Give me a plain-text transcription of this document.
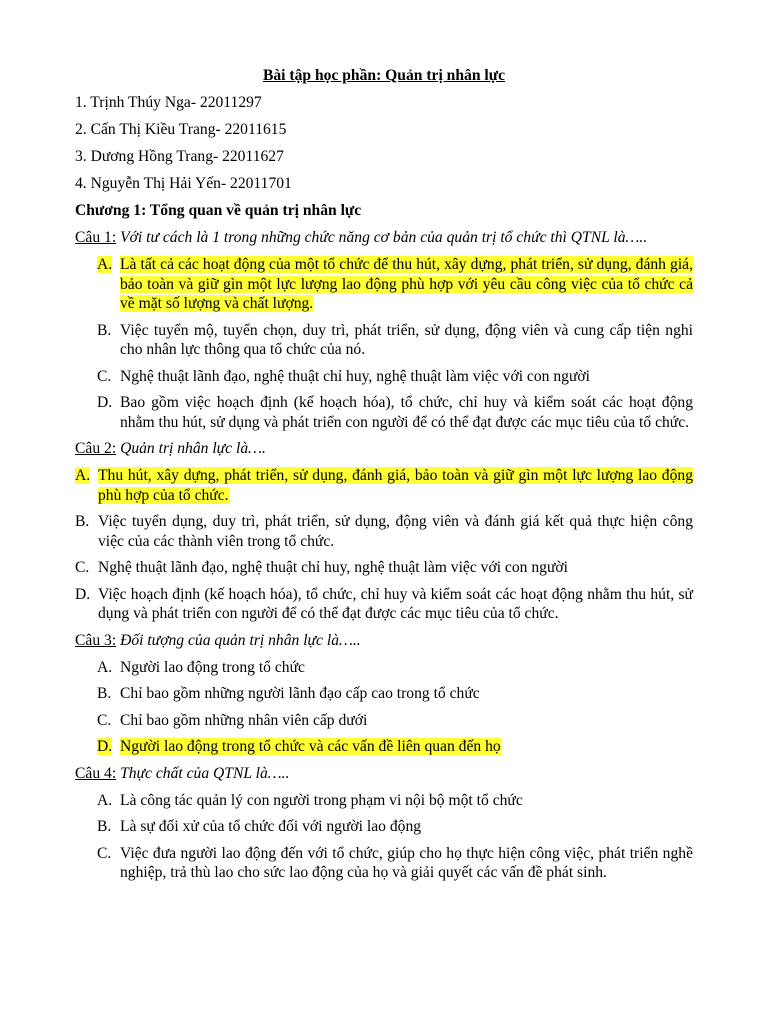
Bài tập học phần: Quản trị nhân lực
1. Trịnh Thúy Nga- 22011297
2. Cấn Thị Kiều Trang- 22011615
3. Dương Hồng Trang- 22011627
4. Nguyễn Thị Hải Yến- 22011701
Chương 1: Tổng quan về quản trị nhân lực
Câu 1: Với tư cách là 1 trong những chức năng cơ bản của quản trị tổ chức thì QTNL là…..
A. Là tất cả các hoạt động của một tổ chức để thu hút, xây dựng, phát triển, sử dụng, đánh giá, bảo toàn và giữ gìn một lực lượng lao động phù hợp với yêu cầu công việc của tổ chức cả về mặt số lượng và chất lượng.
B. Việc tuyển mộ, tuyển chọn, duy trì, phát triển, sử dụng, động viên và cung cấp tiện nghi cho nhân lực thông qua tổ chức của nó.
C. Nghệ thuật lãnh đạo, nghệ thuật chỉ huy, nghệ thuật làm việc với con người
D. Bao gồm việc hoạch định (kế hoạch hóa), tổ chức, chỉ huy và kiểm soát các hoạt động nhằm thu hút, sử dụng và phát triển con người để có thể đạt được các mục tiêu của tổ chức.
Câu 2: Quản trị nhân lực là….
A. Thu hút, xây dựng, phát triển, sử dụng, đánh giá, bảo toàn và giữ gìn một lực lượng lao động phù hợp của tổ chức.
B. Việc tuyển dụng, duy trì, phát triển, sử dụng, động viên và đánh giá kết quả thực hiện công việc của các thành viên trong tổ chức.
C. Nghệ thuật lãnh đạo, nghệ thuật chỉ huy, nghệ thuật làm việc với con người
D. Việc hoạch định (kế hoạch hóa), tổ chức, chỉ huy và kiểm soát các hoạt động nhằm thu hút, sử dụng và phát triển con người để có thể đạt được các mục tiêu của tổ chức.
Câu 3: Đối tượng của quản trị nhân lực là…..
A. Người lao động trong tổ chức
B. Chỉ bao gồm những người lãnh đạo cấp cao trong tổ chức
C. Chỉ bao gồm những nhân viên cấp dưới
D. Người lao động trong tổ chức và các vấn đề liên quan đến họ
Câu 4: Thực chất của QTNL là…..
A. Là công tác quản lý con người trong phạm vi nội bộ một tổ chức
B. Là sự đối xử của tổ chức đối với người lao động
C. Việc đưa người lao động đến với tổ chức, giúp cho họ thực hiện công việc, phát triển nghề nghiệp, trả thù lao cho sức lao động của họ và giải quyết các vấn đề phát sinh.
